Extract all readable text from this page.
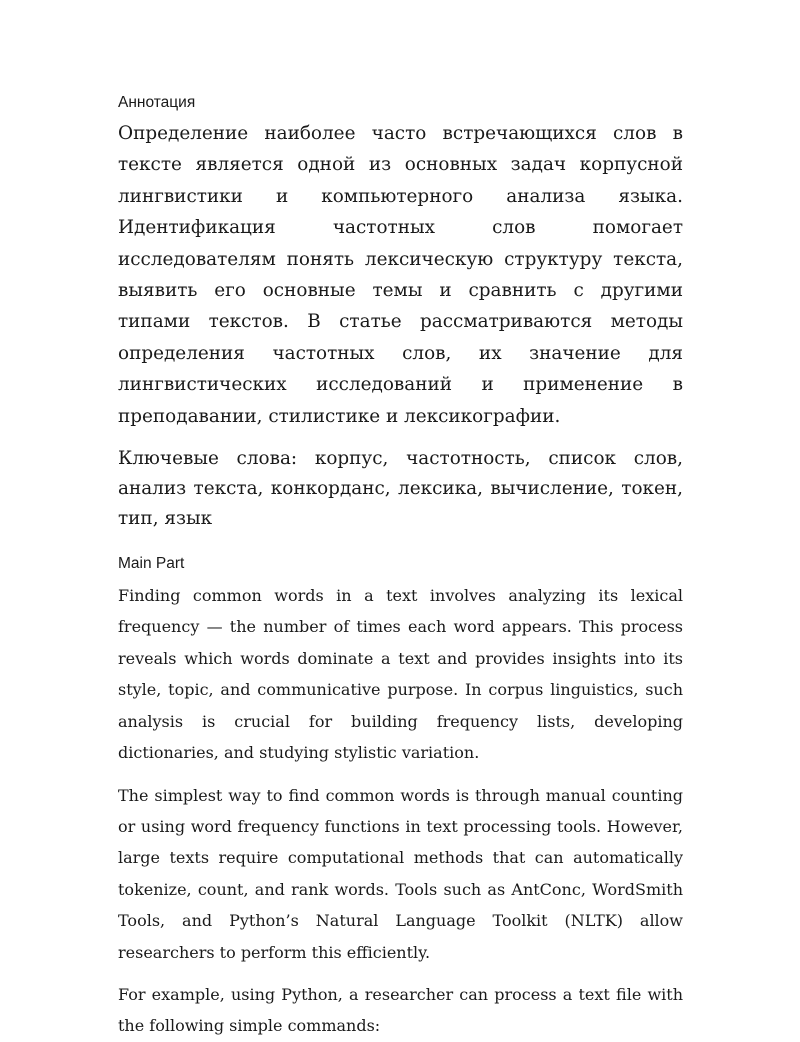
Аннотация

Определение наиболее часто встречающихся слов в тексте является одной из основных задач корпусной лингвистики и компьютерного анализа языка. Идентификация частотных слов помогает исследователям понять лексическую структуру текста, выявить его основные темы и сравнить с другими типами текстов. В статье рассматриваются методы определения частотных слов, их значение для лингвистических исследований и применение в преподавании, стилистике и лексикографии.

Ключевые слова: корпус, частотность, список слов, анализ текста, конкорданс, лексика, вычисление, токен, тип, язык

Main Part

Finding common words in a text involves analyzing its lexical frequency — the number of times each word appears. This process reveals which words dominate a text and provides insights into its style, topic, and communicative purpose. In corpus linguistics, such analysis is crucial for building frequency lists, developing dictionaries, and studying stylistic variation.

The simplest way to find common words is through manual counting or using word frequency functions in text processing tools. However, large texts require computational methods that can automatically tokenize, count, and rank words. Tools such as AntConc, WordSmith Tools, and Python’s Natural Language Toolkit (NLTK) allow researchers to perform this efficiently.

For example, using Python, a researcher can process a text file with the following simple commands:
